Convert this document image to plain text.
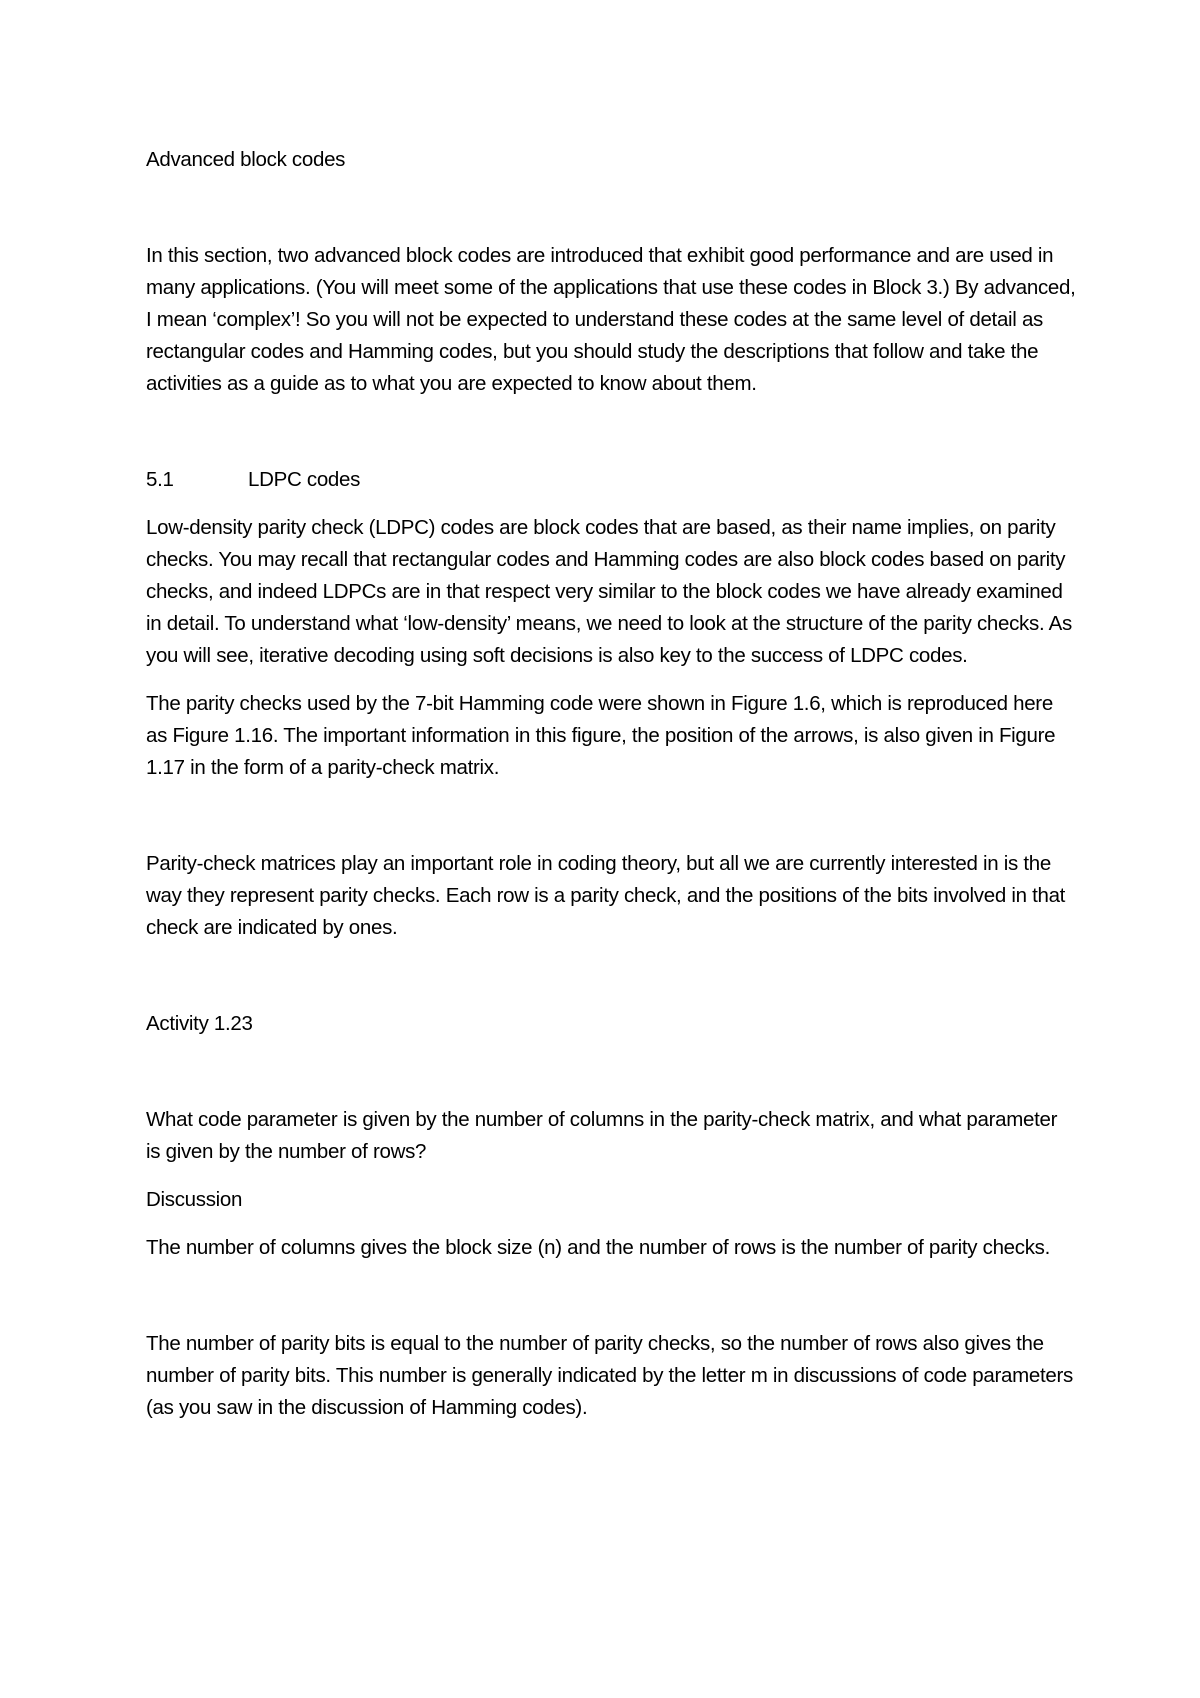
Advanced block codes

In this section, two advanced block codes are introduced that exhibit good performance and are used in many applications. (You will meet some of the applications that use these codes in Block 3.) By advanced, I mean ‘complex’! So you will not be expected to understand these codes at the same level of detail as rectangular codes and Hamming codes, but you should study the descriptions that follow and take the activities as a guide as to what you are expected to know about them.

5.1	LDPC codes

Low-density parity check (LDPC) codes are block codes that are based, as their name implies, on parity checks. You may recall that rectangular codes and Hamming codes are also block codes based on parity checks, and indeed LDPCs are in that respect very similar to the block codes we have already examined in detail. To understand what ‘low-density’ means, we need to look at the structure of the parity checks. As you will see, iterative decoding using soft decisions is also key to the success of LDPC codes.

The parity checks used by the 7-bit Hamming code were shown in Figure 1.6, which is reproduced here as Figure 1.16. The important information in this figure, the position of the arrows, is also given in Figure 1.17 in the form of a parity-check matrix.

Parity-check matrices play an important role in coding theory, but all we are currently interested in is the way they represent parity checks. Each row is a parity check, and the positions of the bits involved in that check are indicated by ones.

Activity 1.23

What code parameter is given by the number of columns in the parity-check matrix, and what parameter is given by the number of rows?

Discussion

The number of columns gives the block size (n) and the number of rows is the number of parity checks.

The number of parity bits is equal to the number of parity checks, so the number of rows also gives the number of parity bits. This number is generally indicated by the letter m in discussions of code parameters (as you saw in the discussion of Hamming codes).
